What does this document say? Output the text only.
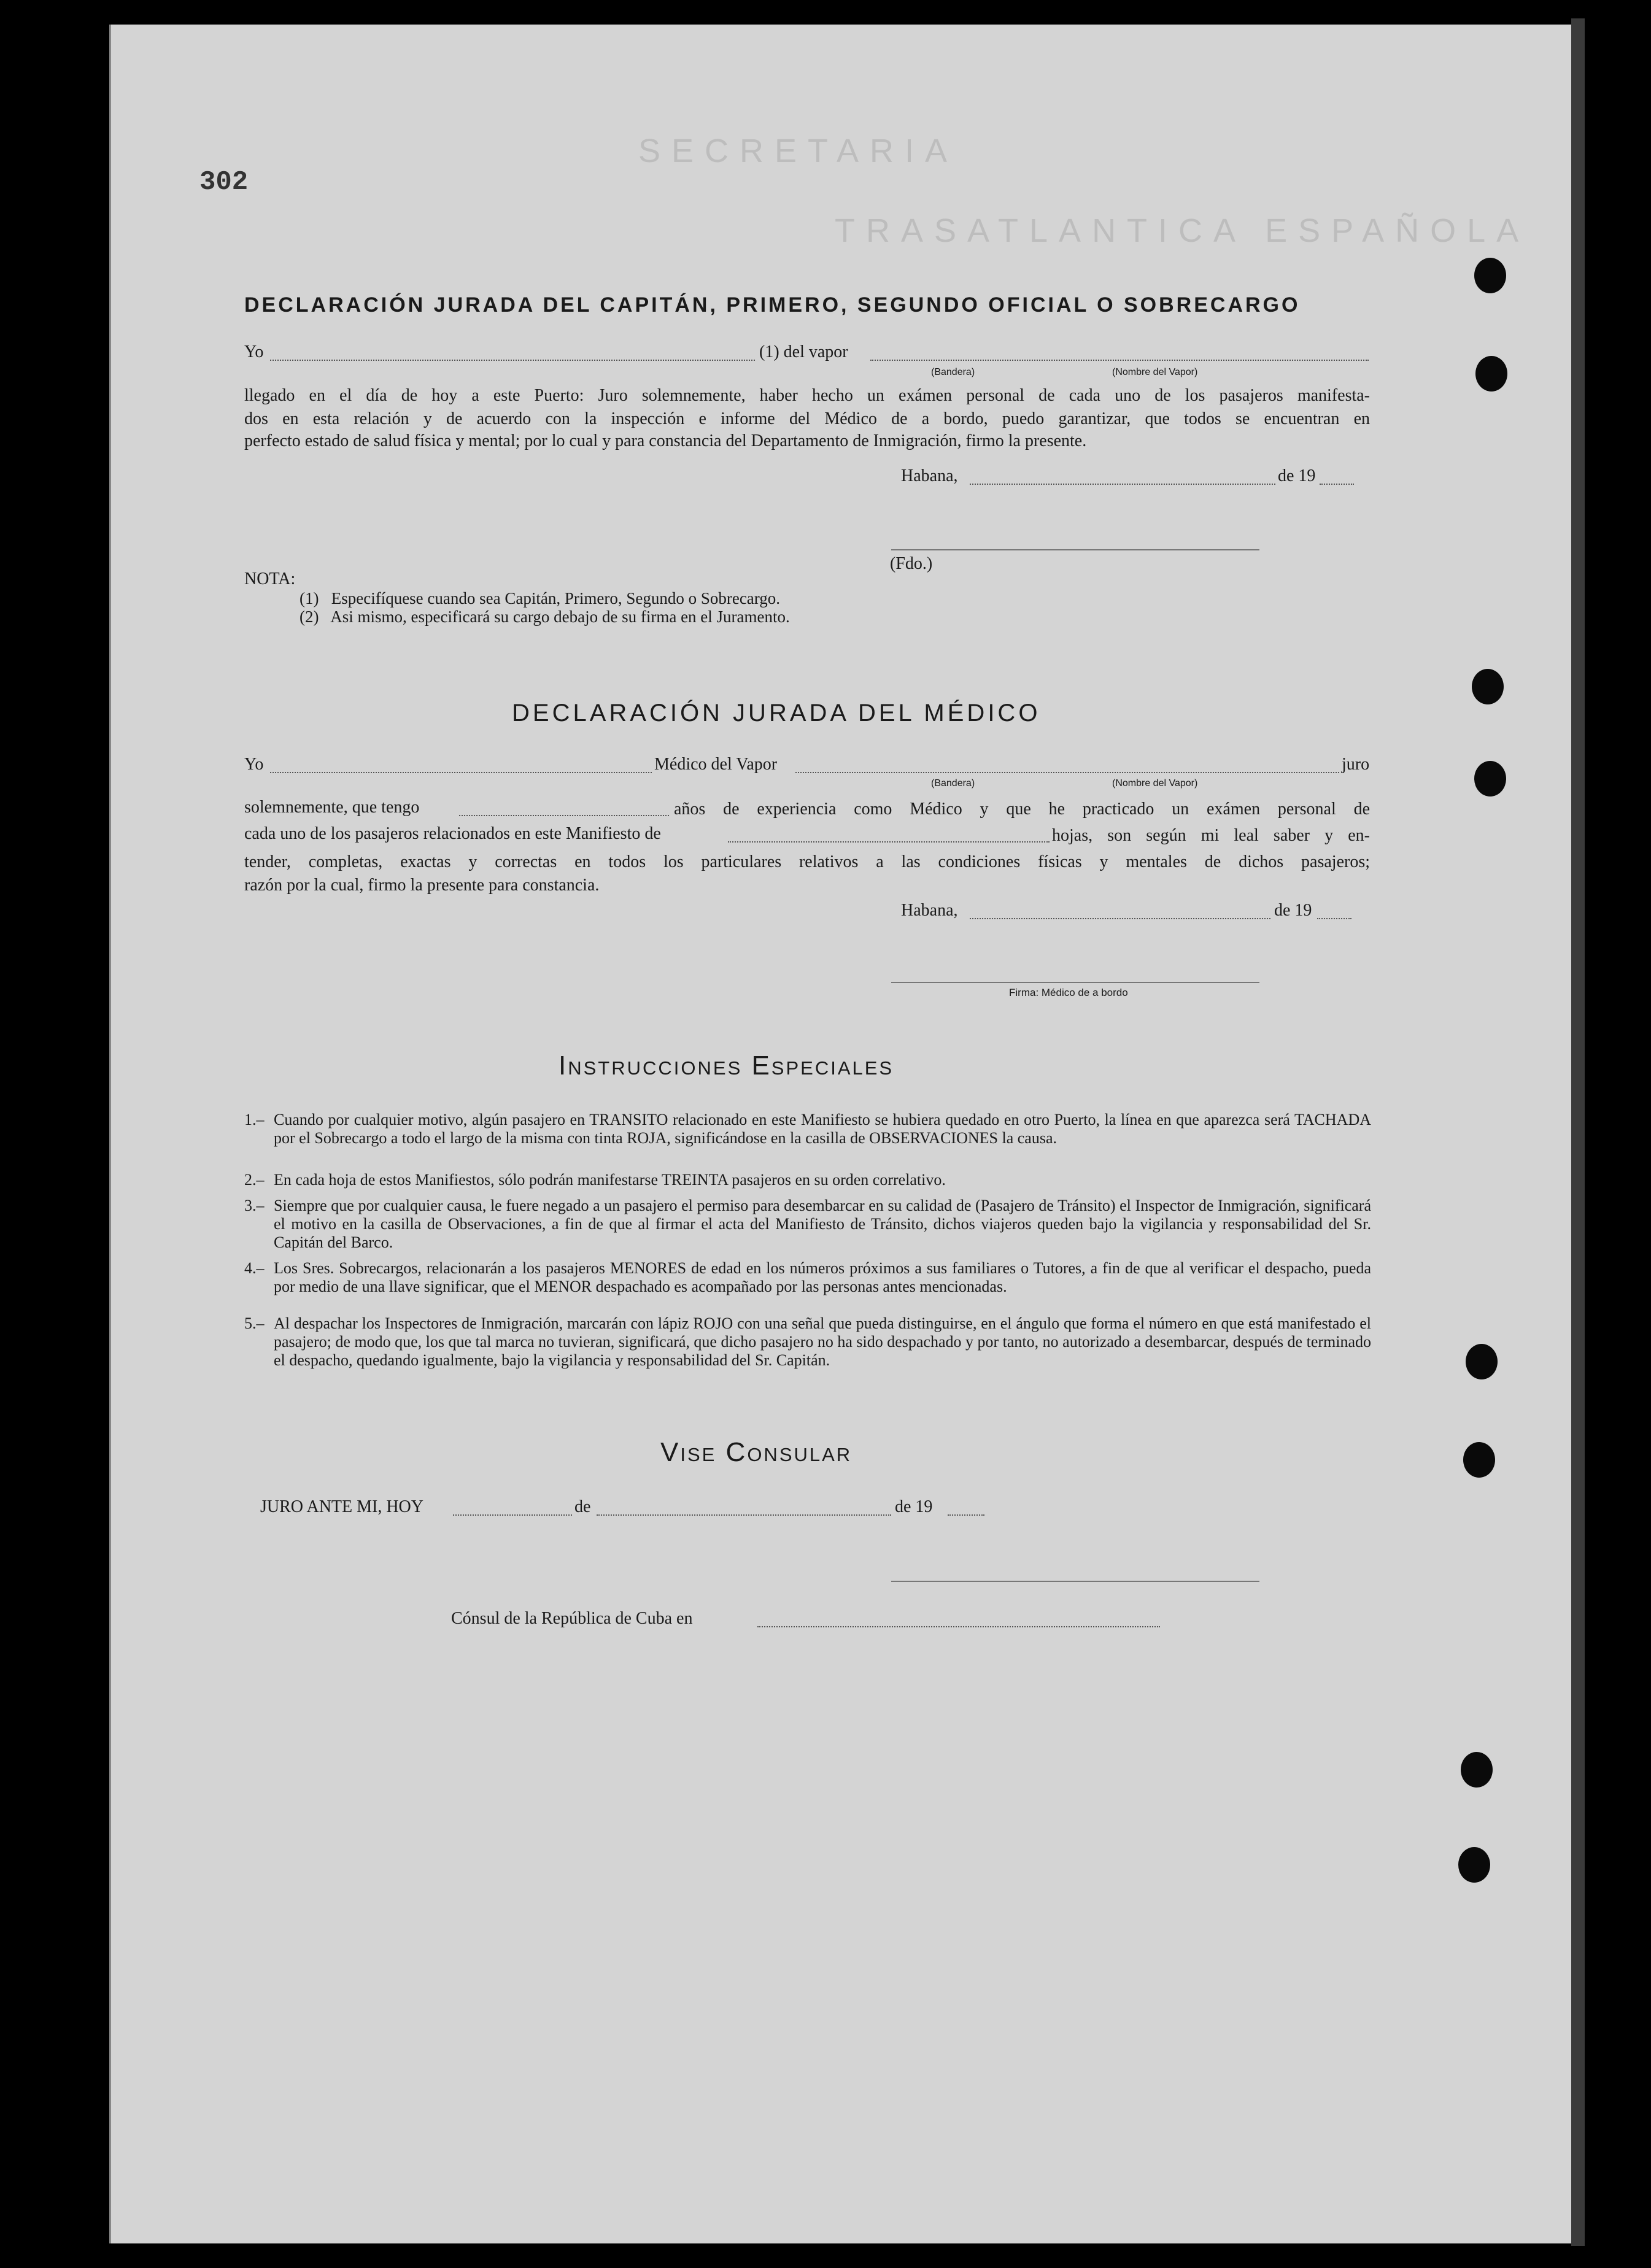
SECRETARIA
TRASATLANTICA ESPAÑOLA
302
DECLARACIÓN JURADA DEL CAPITÁN, PRIMERO, SEGUNDO OFICIAL O SOBRECARGO
Yo	(1) del vapor
(Bandera)	(Nombre del Vapor)
llegado en el día de hoy a este Puerto: Juro solemnemente, haber hecho un exámen personal de cada uno de los pasajeros manifesta-
dos en esta relación y de acuerdo con la inspección e informe del Médico de a bordo, puedo garantizar, que todos se encuentran en
perfecto estado de salud física y mental; por lo cual y para constancia del Departamento de Inmigración, firmo la presente.
Habana,	de 19
(Fdo.)
NOTA:
(1)   Especifíquese cuando sea Capitán, Primero, Segundo o Sobrecargo.
(2)   Asi mismo, especificará su cargo debajo de su firma en el Juramento.
DECLARACIÓN JURADA DEL MÉDICO
Yo	Médico del Vapor	juro
(Bandera)	(Nombre del Vapor)
solemnemente, que tengo	años de experiencia como Médico y que he practicado un exámen personal de
cada uno de los pasajeros relacionados en este Manifiesto de	hojas, son según mi leal saber y en-
tender, completas, exactas y correctas en todos los particulares relativos a las condiciones físicas y mentales de dichos pasajeros;
razón por la cual, firmo la presente para constancia.
Habana,	de 19
Firma: Médico de a bordo
Instrucciones Especiales
1.– Cuando por cualquier motivo, algún pasajero en TRANSITO relacionado en este Manifiesto se hubiera quedado en otro Puerto, la línea en que aparezca será TACHADA por el Sobrecargo a todo el largo de la misma con tinta ROJA, significándose en la casilla de OBSERVACIONES la causa.
2.– En cada hoja de estos Manifiestos, sólo podrán manifestarse TREINTA pasajeros en su orden correlativo.
3.– Siempre que por cualquier causa, le fuere negado a un pasajero el permiso para desembarcar en su calidad de (Pasajero de Tránsito) el Inspector de Inmigración, significará el motivo en la casilla de Observaciones, a fin de que al firmar el acta del Manifiesto de Tránsito, dichos viajeros queden bajo la vigilancia y responsabilidad del Sr. Capitán del Barco.
4.– Los Sres. Sobrecargos, relacionarán a los pasajeros MENORES de edad en los números próximos a sus familiares o Tutores, a fin de que al verificar el despacho, pueda por medio de una llave significar, que el MENOR despachado es acompañado por las personas antes mencionadas.
5.– Al despachar los Inspectores de Inmigración, marcarán con lápiz ROJO con una señal que pueda distinguirse, en el ángulo que forma el número en que está manifestado el pasajero; de modo que, los que tal marca no tuvieran, significará, que dicho pasajero no ha sido despachado y por tanto, no autorizado a desembarcar, después de terminado el despacho, quedando igualmente, bajo la vigilancia y responsabilidad del Sr. Capitán.
Vise Consular
JURO ANTE MI, HOY	de	de 19
Cónsul de la República de Cuba en
